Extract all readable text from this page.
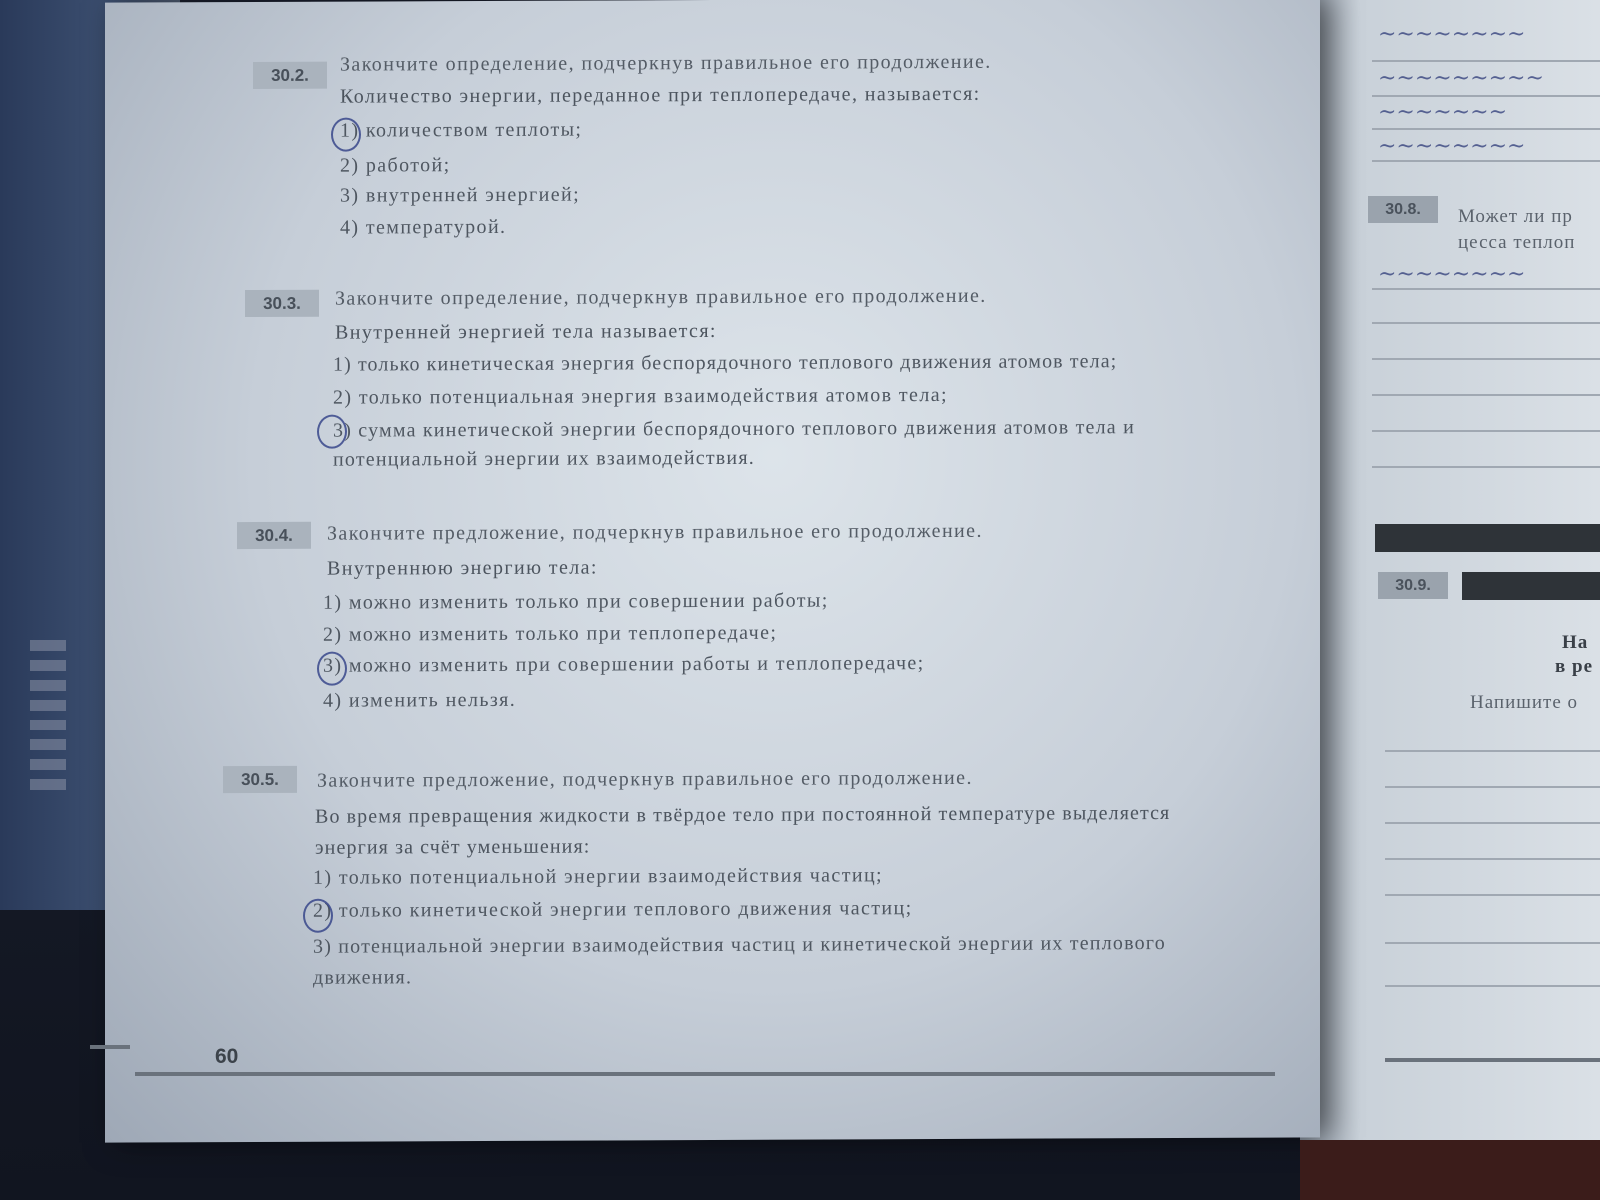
30.2.	Закончите определение, подчеркнув правильное его продолжение.
Количество энергии, переданное при теплопередаче, называется:
1) количеством теплоты;
2) работой;
3) внутренней энергией;
4) температурой.
30.3.	Закончите определение, подчеркнув правильное его продолжение.
Внутренней энергией тела называется:
1) только кинетическая энергия беспорядочного теплового движения атомов тела;
2) только потенциальная энергия взаимодействия атомов тела;
3) сумма кинетической энергии беспорядочного теплового движения атомов тела и потенциальной энергии их взаимодействия.
30.4.	Закончите предложение, подчеркнув правильное его продолжение.
Внутреннюю энергию тела:
1) можно изменить только при совершении работы;
2) можно изменить только при теплопередаче;
3) можно изменить при совершении работы и теплопередаче;
4) изменить нельзя.
30.5.	Закончите предложение, подчеркнув правильное его продолжение.
Во время превращения жидкости в твёрдое тело при постоянной температуре выделяется энергия за счёт уменьшения:
1) только потенциальной энергии взаимодействия частиц;
2) только кинетической энергии теплового движения частиц;
3) потенциальной энергии взаимодействия частиц и кинетической энергии их теплового движения.
60
~~~~~~~~
~~~~~~~~~
~~~~~~~
~~~~~~~~
30.8.	Может ли пр
цесса теплоп
~~~~~~~~
30.9.
На
в ре
Напишите о
